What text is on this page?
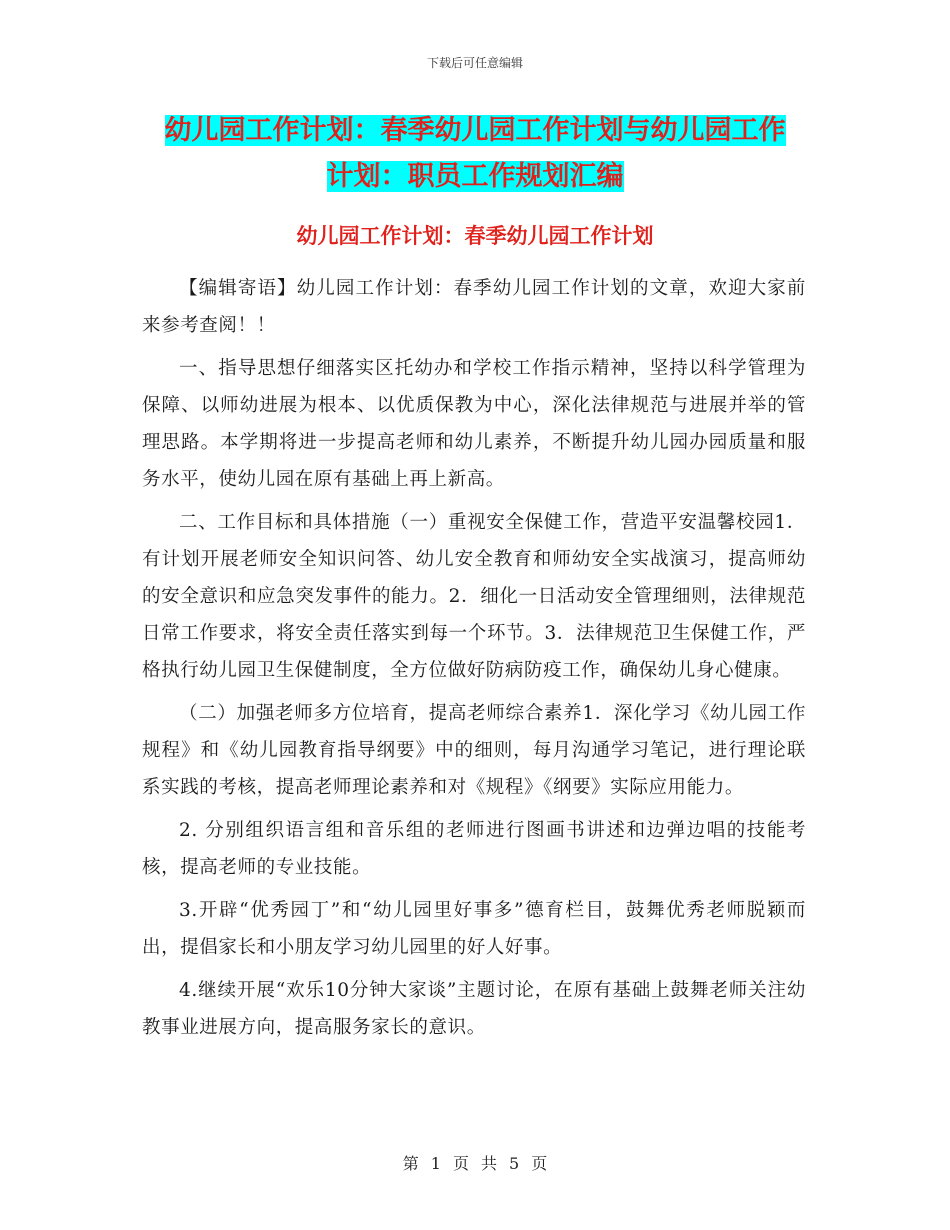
下载后可任意编辑
幼儿园工作计划：春季幼儿园工作计划与幼儿园工作
计划：职员工作规划汇编
幼儿园工作计划：春季幼儿园工作计划

【编辑寄语】幼儿园工作计划：春季幼儿园工作计划的文章，欢迎大家前来参考查阅！！

一、指导思想仔细落实区托幼办和学校工作指示精神，坚持以科学管理为保障、以师幼进展为根本、以优质保教为中心，深化法律规范与进展并举的管理思路。本学期将进一步提高老师和幼儿素养，不断提升幼儿园办园质量和服务水平，使幼儿园在原有基础上再上新高。

二、工作目标和具体措施（一）重视安全保健工作，营造平安温馨校园1．有计划开展老师安全知识问答、幼儿安全教育和师幼安全实战演习，提高师幼的安全意识和应急突发事件的能力。2．细化一日活动安全管理细则，法律规范日常工作要求，将安全责任落实到每一个环节。3．法律规范卫生保健工作，严格执行幼儿园卫生保健制度，全方位做好防病防疫工作，确保幼儿身心健康。

（二）加强老师多方位培育，提高老师综合素养1．深化学习《幼儿园工作规程》和《幼儿园教育指导纲要》中的细则，每月沟通学习笔记，进行理论联系实践的考核，提高老师理论素养和对《规程》《纲要》实际应用能力。

2. 分别组织语言组和音乐组的老师进行图画书讲述和边弹边唱的技能考核，提高老师的专业技能。

3.开辟“优秀园丁”和“幼儿园里好事多”德育栏目，鼓舞优秀老师脱颖而出，提倡家长和小朋友学习幼儿园里的好人好事。

4.继续开展“欢乐10分钟大家谈”主题讨论，在原有基础上鼓舞老师关注幼教事业进展方向，提高服务家长的意识。

第 1 页 共 5 页
